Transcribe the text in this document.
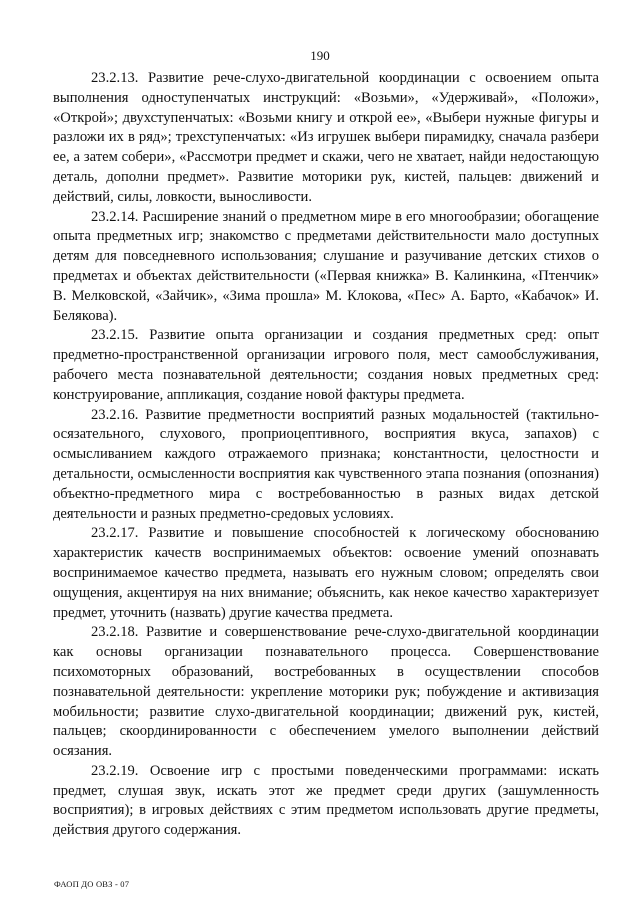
190

23.2.13. Развитие рече-слухо-двигательной координации с освоением опыта выполнения одноступенчатых инструкций: «Возьми», «Удерживай», «Положи», «Открой»; двухступенчатых: «Возьми книгу и открой ее», «Выбери нужные фигуры и разложи их в ряд»; трехступенчатых: «Из игрушек выбери пирамидку, сначала разбери ее, а затем собери», «Рассмотри предмет и скажи, чего не хватает, найди недостающую деталь, дополни предмет». Развитие моторики рук, кистей, пальцев: движений и действий, силы, ловкости, выносливости.

23.2.14. Расширение знаний о предметном мире в его многообразии; обогащение опыта предметных игр; знакомство с предметами действительности мало доступных детям для повседневного использования; слушание и разучивание детских стихов о предметах и объектах действительности («Первая книжка» В. Калинкина, «Птенчик» В. Мелковской, «Зайчик», «Зима прошла» М. Клокова, «Пес» А. Барто, «Кабачок» И. Белякова).

23.2.15. Развитие опыта организации и создания предметных сред: опыт предметно-пространственной организации игрового поля, мест самообслуживания, рабочего места познавательной деятельности; создания новых предметных сред: конструирование, аппликация, создание новой фактуры предмета.

23.2.16. Развитие предметности восприятий разных модальностей (тактильно-осязательного, слухового, проприоцептивного, восприятия вкуса, запахов) с осмысливанием каждого отражаемого признака; константности, целостности и детальности, осмысленности восприятия как чувственного этапа познания (опознания) объектно-предметного мира с востребованностью в разных видах детской деятельности и разных предметно-средовых условиях.

23.2.17. Развитие и повышение способностей к логическому обоснованию характеристик качеств воспринимаемых объектов: освоение умений опознавать воспринимаемое качество предмета, называть его нужным словом; определять свои ощущения, акцентируя на них внимание; объяснить, как некое качество характеризует предмет, уточнить (назвать) другие качества предмета.

23.2.18. Развитие и совершенствование рече-слухо-двигательной координации как основы организации познавательного процесса. Совершенствование психомоторных образований, востребованных в осуществлении способов познавательной деятельности: укрепление моторики рук; побуждение и активизация мобильности; развитие слухо-двигательной координации; движений рук, кистей, пальцев; скоординированности с обеспечением умелого выполнении действий осязания.

23.2.19. Освоение игр с простыми поведенческими программами: искать предмет, слушая звук, искать этот же предмет среди других (зашумленность восприятия); в игровых действиях с этим предметом использовать другие предметы, действия другого содержания.

ФАОП ДО ОВЗ - 07
